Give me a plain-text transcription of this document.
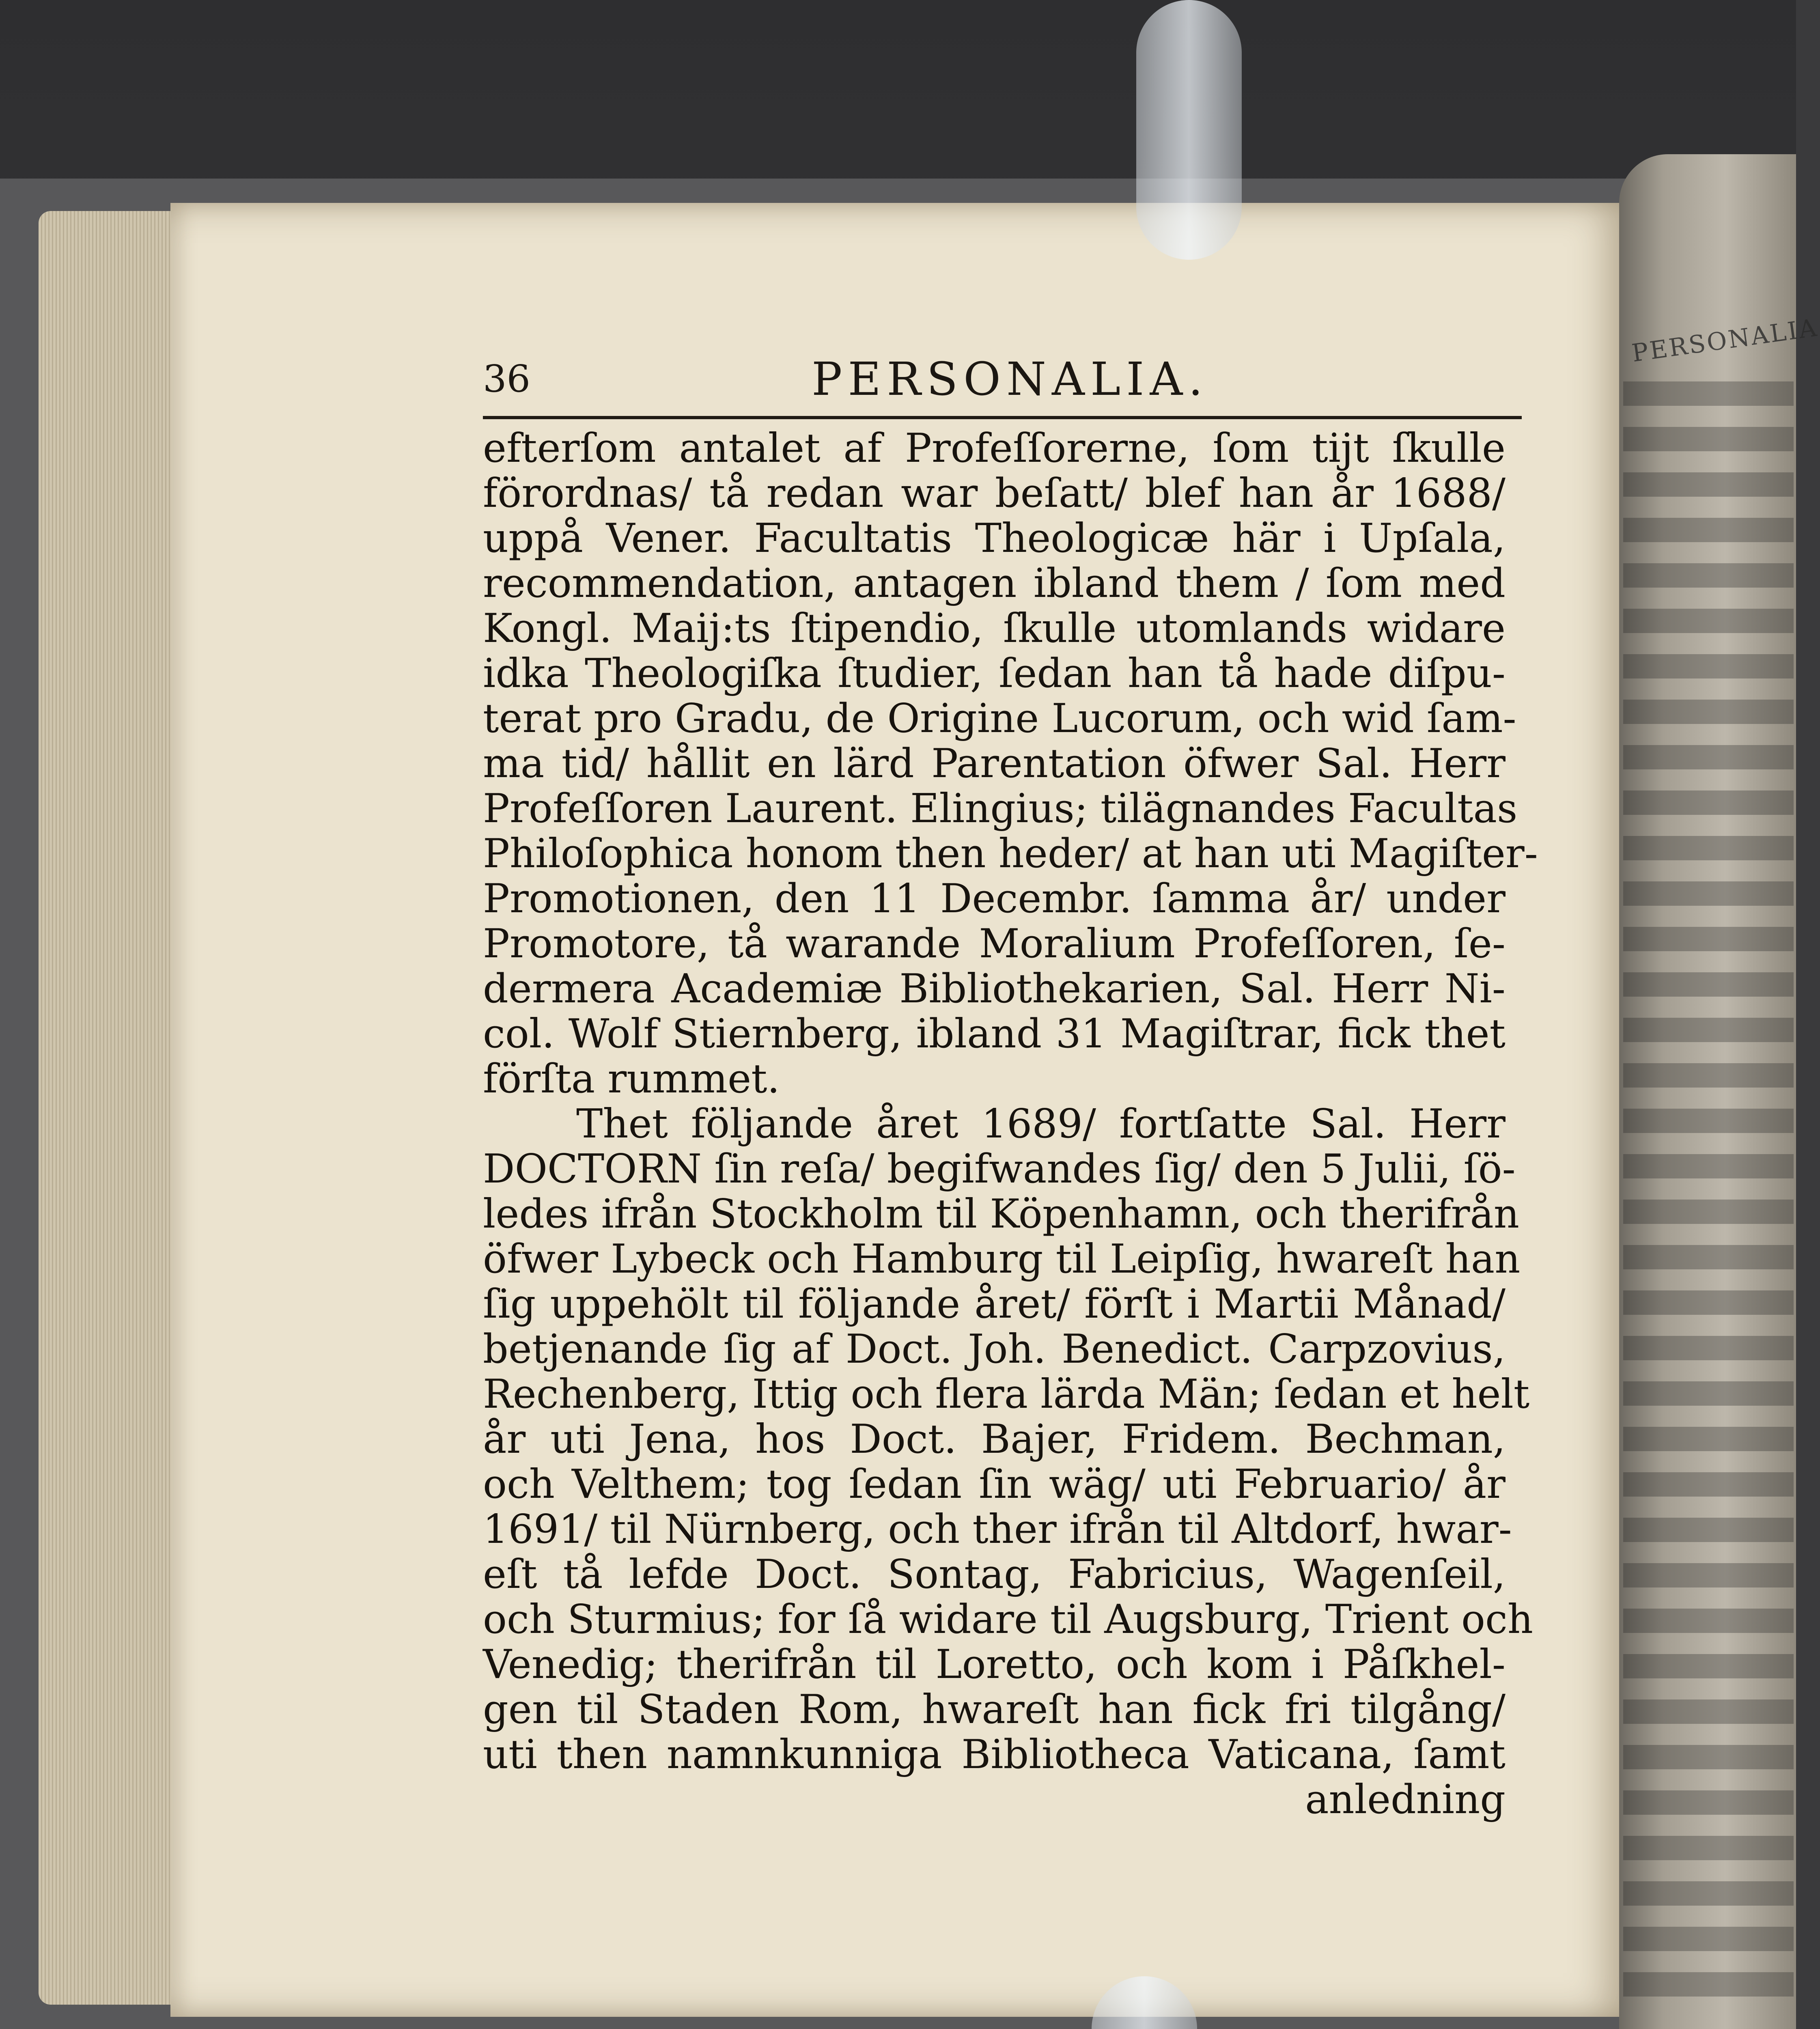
PERSONALIA
36	PERSONALIA.
efterſom antalet af Profeſſorerne, ſom tijt ſkulle
förordnas/ tå redan war beſatt/ blef han år 1688/
uppå Vener. Facultatis Theologicæ här i Upſala,
recommendation, antagen ibland them / ſom med
Kongl. Maij:ts ſtipendio, ſkulle utomlands widare
idka Theologiſka ſtudier, ſedan han tå hade diſpu-
terat pro Gradu, de Origine Lucorum, och wid ſam-
ma tid/ hållit en lärd Parentation öfwer Sal. Herr
Profeſſoren Laurent. Elingius; tilägnandes Facultas
Philoſophica honom then heder/ at han uti Magiſter-
Promotionen, den 11 Decembr. ſamma år/ under
Promotore, tå warande Moralium Profeſſoren, ſe-
dermera Academiæ Bibliothekarien, Sal. Herr Ni-
col. Wolf Stiernberg, ibland 31 Magiſtrar, fick thet
förſta rummet.
Thet följande året 1689/ fortſatte Sal. Herr
DOCTORN ſin reſa/ begifwandes ſig/ den 5 Julii, ſö-
ledes ifrån Stockholm til Köpenhamn, och therifrån
öfwer Lybeck och Hamburg til Leipſig, hwareſt han
ſig uppehölt til följande året/ förſt i Martii Månad/
betjenande ſig af Doct. Joh. Benedict. Carpzovius,
Rechenberg, Ittig och flera lärda Män; ſedan et helt
år uti Jena, hos Doct. Bajer, Fridem. Bechman,
och Velthem; tog ſedan ſin wäg/ uti Februario/ år
1691/ til Nürnberg, och ther ifrån til Altdorf, hwar-
eſt tå lefde Doct. Sontag, Fabricius, Wagenſeil,
och Sturmius; for ſå widare til Augsburg, Trient och
Venedig; therifrån til Loretto, och kom i Påſkhel-
gen til Staden Rom, hwareſt han fick fri tilgång/
uti then namnkunniga Bibliotheca Vaticana, ſamt
anledning
